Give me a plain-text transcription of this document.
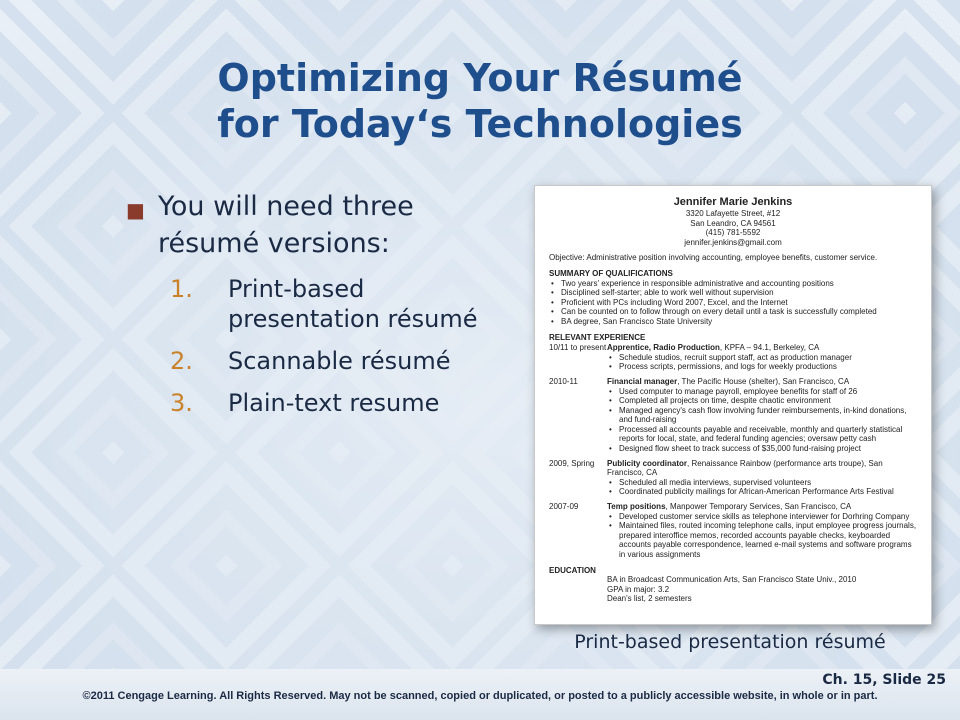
Optimizing Your Résumé
for Today‘s Technologies
■ You will need three résumé versions:
1. Print-based presentation résumé
2. Scannable résumé
3. Plain-text resume
Jennifer Marie Jenkins
3320 Lafayette Street, #12
San Leandro, CA 94561
(415) 781-5592
jennifer.jenkins@gmail.com
Objective: Administrative position involving accounting, employee benefits, customer service.
SUMMARY OF QUALIFICATIONS
• Two years' experience in responsible administrative and accounting positions
• Disciplined self-starter; able to work well without supervision
• Proficient with PCs including Word 2007, Excel, and the Internet
• Can be counted on to follow through on every detail until a task is successfully completed
• BA degree, San Francisco State University
RELEVANT EXPERIENCE
10/11 to present Apprentice, Radio Production, KPFA – 94.1, Berkeley, CA
• Schedule studios, recruit support staff, act as production manager
• Process scripts, permissions, and logs for weekly productions
2010-11	Financial manager, The Pacific House (shelter), San Francisco, CA
• Used computer to manage payroll, employee benefits for staff of 26
• Completed all projects on time, despite chaotic environment
• Managed agency's cash flow involving funder reimbursements, in-kind donations, and fund-raising
• Processed all accounts payable and receivable, monthly and quarterly statistical reports for local, state, and federal funding agencies; oversaw petty cash
• Designed flow sheet to track success of $35,000 fund-raising project
2009, Spring	Publicity coordinator, Renaissance Rainbow (performance arts troupe), San Francisco, CA
• Scheduled all media interviews, supervised volunteers
• Coordinated publicity mailings for African-American Performance Arts Festival
2007-09	Temp positions, Manpower Temporary Services, San Francisco, CA
• Developed customer service skills as telephone interviewer for Dorhring Company
• Maintained files, routed incoming telephone calls, input employee progress journals, prepared interoffice memos, recorded accounts payable checks, keyboarded accounts payable correspondence, learned e-mail systems and software programs in various assignments
EDUCATION
BA in Broadcast Communication Arts, San Francisco State Univ., 2010
GPA in major: 3.2
Dean's list, 2 semesters
Print-based presentation résumé
Ch. 15, Slide 25
©2011 Cengage Learning. All Rights Reserved. May not be scanned, copied or duplicated, or posted to a publicly accessible website, in whole or in part.
